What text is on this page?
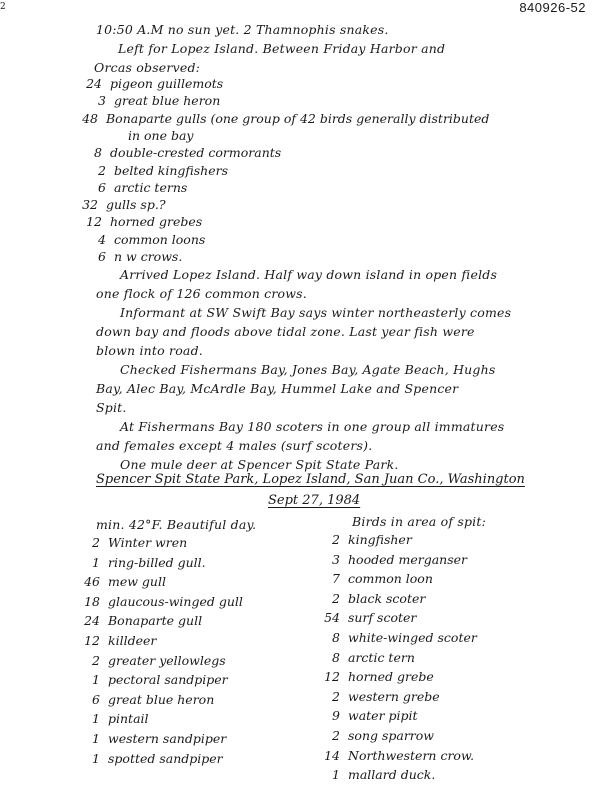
2	840926-52
10:50 A.M no sun yet. 2 Thamnophis snakes.
Left for Lopez Island. Between Friday Harbor and
Orcas observed:
24 pigeon guillemots
3 great blue heron
48 Bonaparte gulls (one group of 42 birds generally distributed
in one bay
8 double-crested cormorants
2 belted kingfishers
6 arctic terns
32 gulls sp.?
12 horned grebes
4 common loons
6 n w crows.
Arrived Lopez Island. Half way down island in open fields
one flock of 126 common crows.
Informant at SW Swift Bay says winter northeasterly comes
down bay and floods above tidal zone. Last year fish were
blown into road.
Checked Fishermans Bay, Jones Bay, Agate Beach, Hughs
Bay, Alec Bay, McArdle Bay, Hummel Lake and Spencer
Spit.
At Fishermans Bay 180 scoters in one group all immatures
and females except 4 males (surf scoters).
One mule deer at Spencer Spit State Park.
Spencer Spit State Park, Lopez Island, San Juan Co., Washington
Sept 27, 1984
min. 42°F. Beautiful day.	Birds in area of spit:
2 Winter wren
1 ring-billed gull.
46 mew gull
18 glaucous-winged gull
24 Bonaparte gull
12 killdeer
2 greater yellowlegs
1 pectoral sandpiper
6 great blue heron
1 pintail
1 western sandpiper
1 spotted sandpiper
2 kingfisher
3 hooded merganser
7 common loon
2 black scoter
54 surf scoter
8 white-winged scoter
8 arctic tern
12 horned grebe
2 western grebe
9 water pipit
2 song sparrow
14 Northwestern crow.
1 mallard duck.
